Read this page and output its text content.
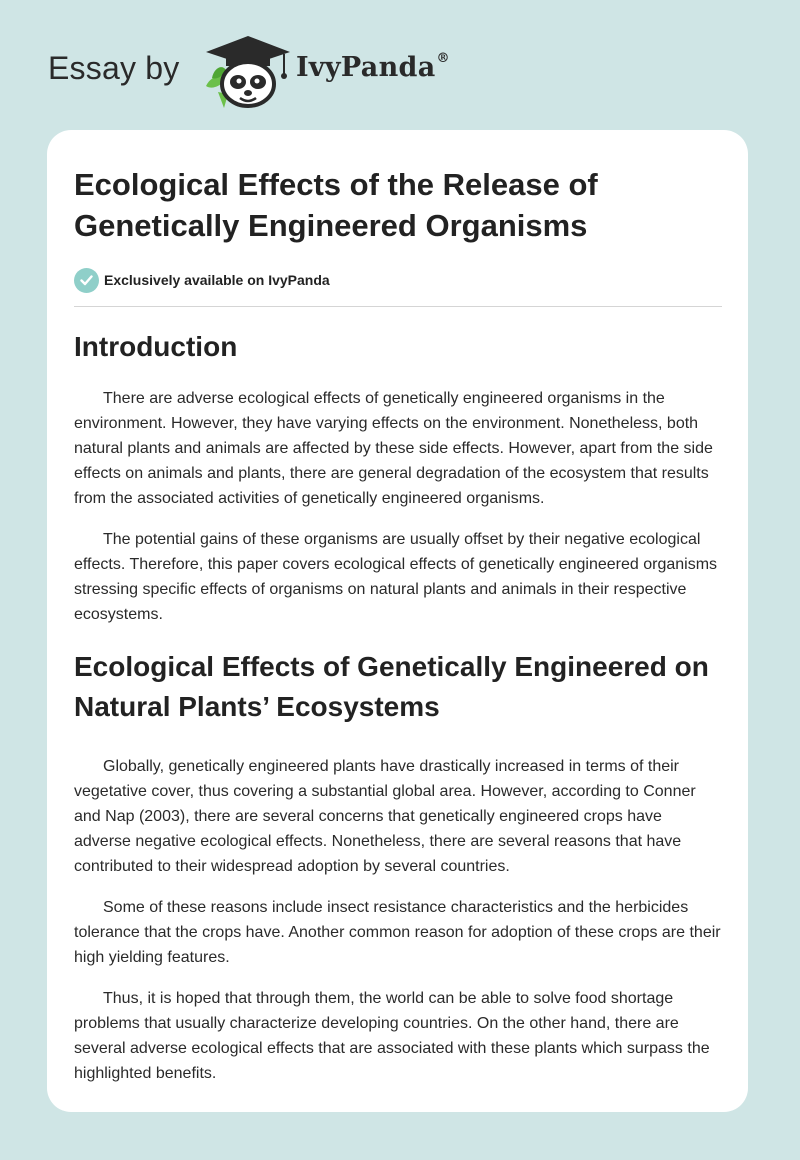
Essay by	IvyPanda®
Ecological Effects of the Release of Genetically Engineered Organisms
Exclusively available on IvyPanda
Introduction

There are adverse ecological effects of genetically engineered organisms in the environment. However, they have varying effects on the environment. Nonetheless, both natural plants and animals are affected by these side effects. However, apart from the side effects on animals and plants, there are general degradation of the ecosystem that results from the associated activities of genetically engineered organisms.

The potential gains of these organisms are usually offset by their negative ecological effects. Therefore, this paper covers ecological effects of genetically engineered organisms stressing specific effects of organisms on natural plants and animals in their respective ecosystems.

Ecological Effects of Genetically Engineered on Natural Plants’ Ecosystems

Globally, genetically engineered plants have drastically increased in terms of their vegetative cover, thus covering a substantial global area. However, according to Conner and Nap (2003), there are several concerns that genetically engineered crops have adverse negative ecological effects. Nonetheless, there are several reasons that have contributed to their widespread adoption by several countries.

Some of these reasons include insect resistance characteristics and the herbicides tolerance that the crops have. Another common reason for adoption of these crops are their high yielding features.

Thus, it is hoped that through them, the world can be able to solve food shortage problems that usually characterize developing countries. On the other hand, there are several adverse ecological effects that are associated with these plants which surpass the highlighted benefits.
